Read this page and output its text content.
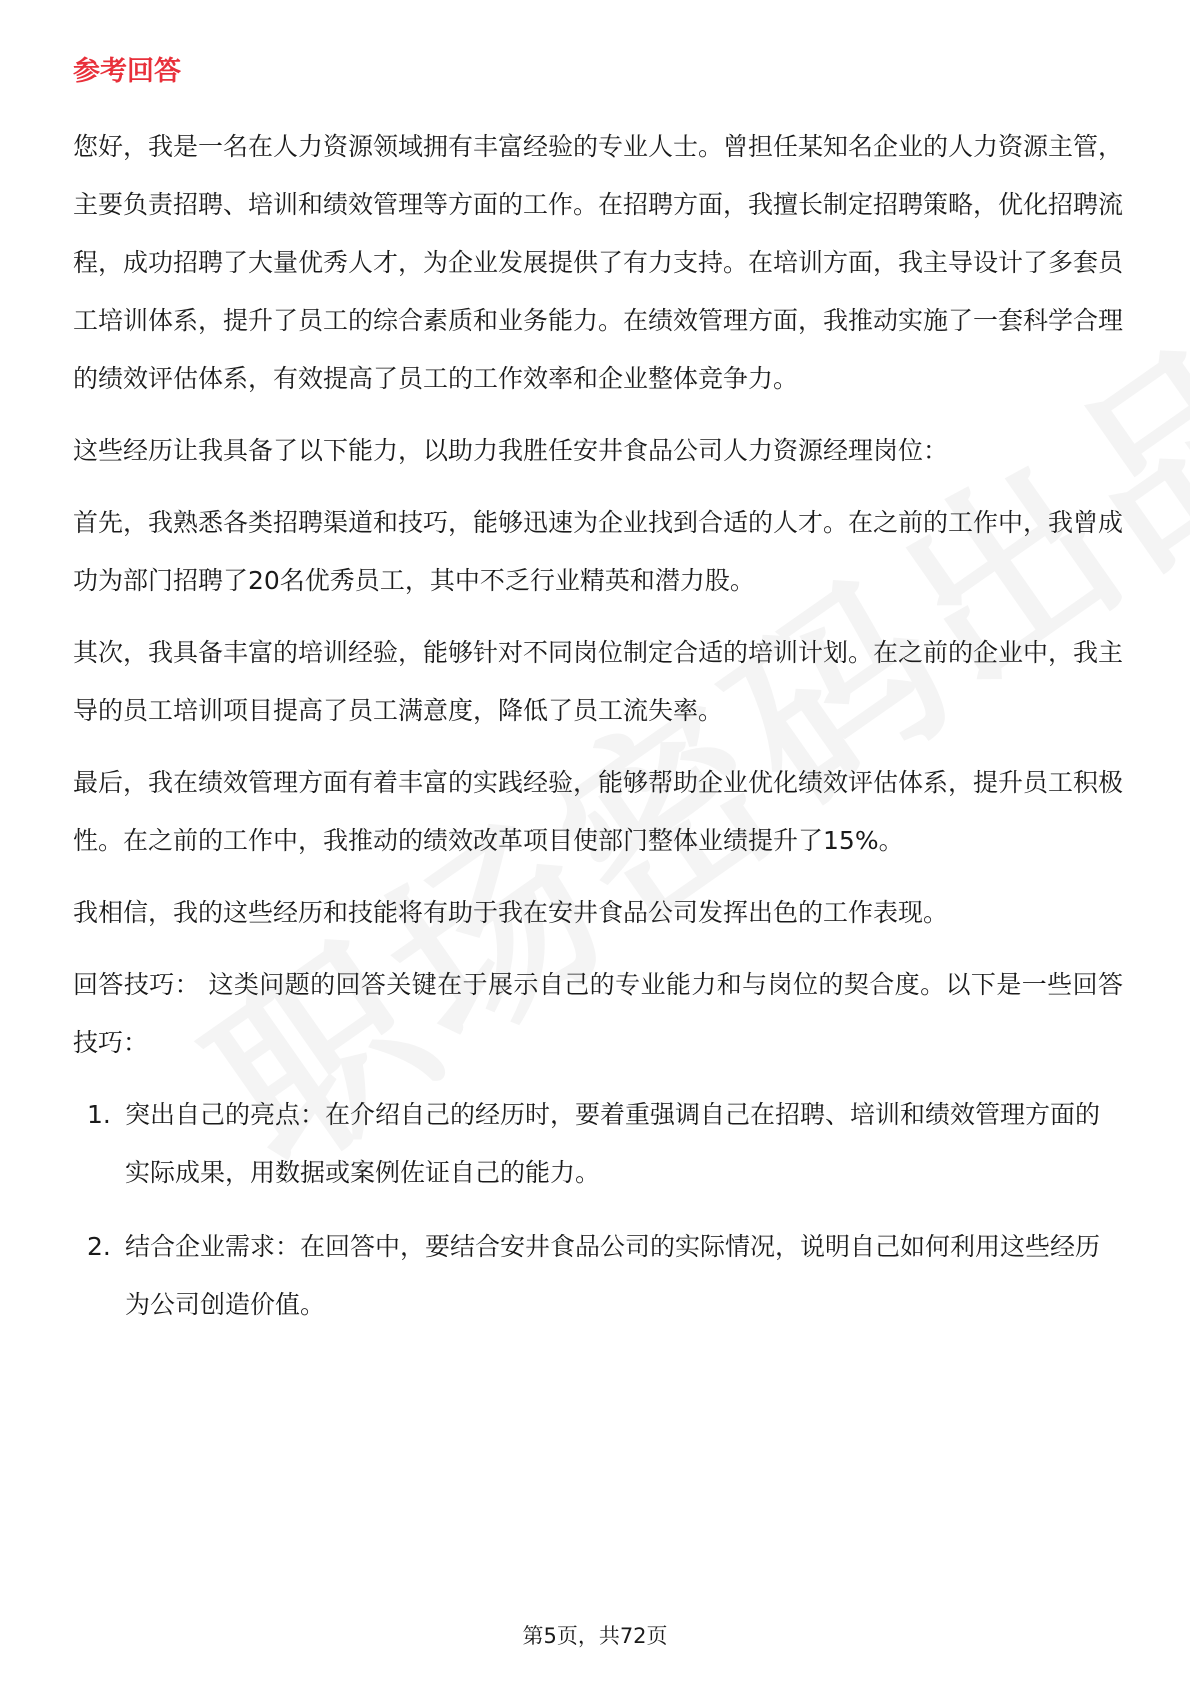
参考回答

您好，我是一名在人力资源领域拥有丰富经验的专业人士。曾担任某知名企业的人力资源主管，主要负责招聘、培训和绩效管理等方面的工作。在招聘方面，我擅长制定招聘策略，优化招聘流程，成功招聘了大量优秀人才，为企业发展提供了有力支持。在培训方面，我主导设计了多套员工培训体系，提升了员工的综合素质和业务能力。在绩效管理方面，我推动实施了一套科学合理的绩效评估体系，有效提高了员工的工作效率和企业整体竞争力。

这些经历让我具备了以下能力，以助力我胜任安井食品公司人力资源经理岗位：

首先，我熟悉各类招聘渠道和技巧，能够迅速为企业找到合适的人才。在之前的工作中，我曾成功为部门招聘了20名优秀员工，其中不乏行业精英和潜力股。

其次，我具备丰富的培训经验，能够针对不同岗位制定合适的培训计划。在之前的企业中，我主导的员工培训项目提高了员工满意度，降低了员工流失率。

最后，我在绩效管理方面有着丰富的实践经验，能够帮助企业优化绩效评估体系，提升员工积极性。在之前的工作中，我推动的绩效改革项目使部门整体业绩提升了15%。

我相信，我的这些经历和技能将有助于我在安井食品公司发挥出色的工作表现。

回答技巧： 这类问题的回答关键在于展示自己的专业能力和与岗位的契合度。以下是一些回答技巧：

1. 突出自己的亮点：在介绍自己的经历时，要着重强调自己在招聘、培训和绩效管理方面的实际成果，用数据或案例佐证自己的能力。
2. 结合企业需求：在回答中，要结合安井食品公司的实际情况，说明自己如何利用这些经历为公司创造价值。
第5页，共72页
